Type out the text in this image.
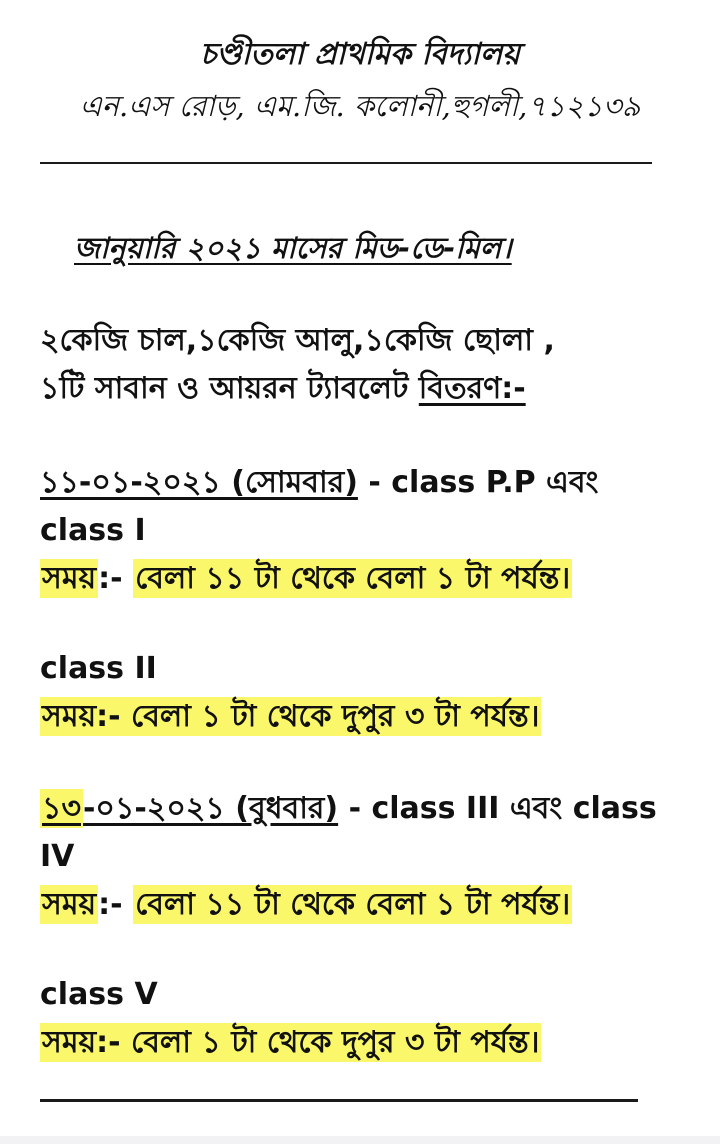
চণ্ডীতলা প্রাথমিক বিদ্যালয়
এন.এস রোড়, এম.জি. কলোনী,হুগলী,৭১২১৩৯
জানুয়ারি ২০২১ মাসের মিড-ডে-মিল।
২কেজি চাল,১কেজি আলু,১কেজি ছোলা ,
১টি সাবান ও আয়রন ট্যাবলেট বিতরণ:-
১১-০১-২০২১ (সোমবার) - class P.P এবং
class I
সময়:- বেলা ১১ টা থেকে বেলা ১ টা পর্যন্ত।
class II
সময়:- বেলা ১ টা থেকে দুপুর ৩ টা পর্যন্ত।
১৩-০১-২০২১ (বুধবার) - class III এবং class
IV
সময়:- বেলা ১১ টা থেকে বেলা ১ টা পর্যন্ত।
class V
সময়:- বেলা ১ টা থেকে দুপুর ৩ টা পর্যন্ত।
